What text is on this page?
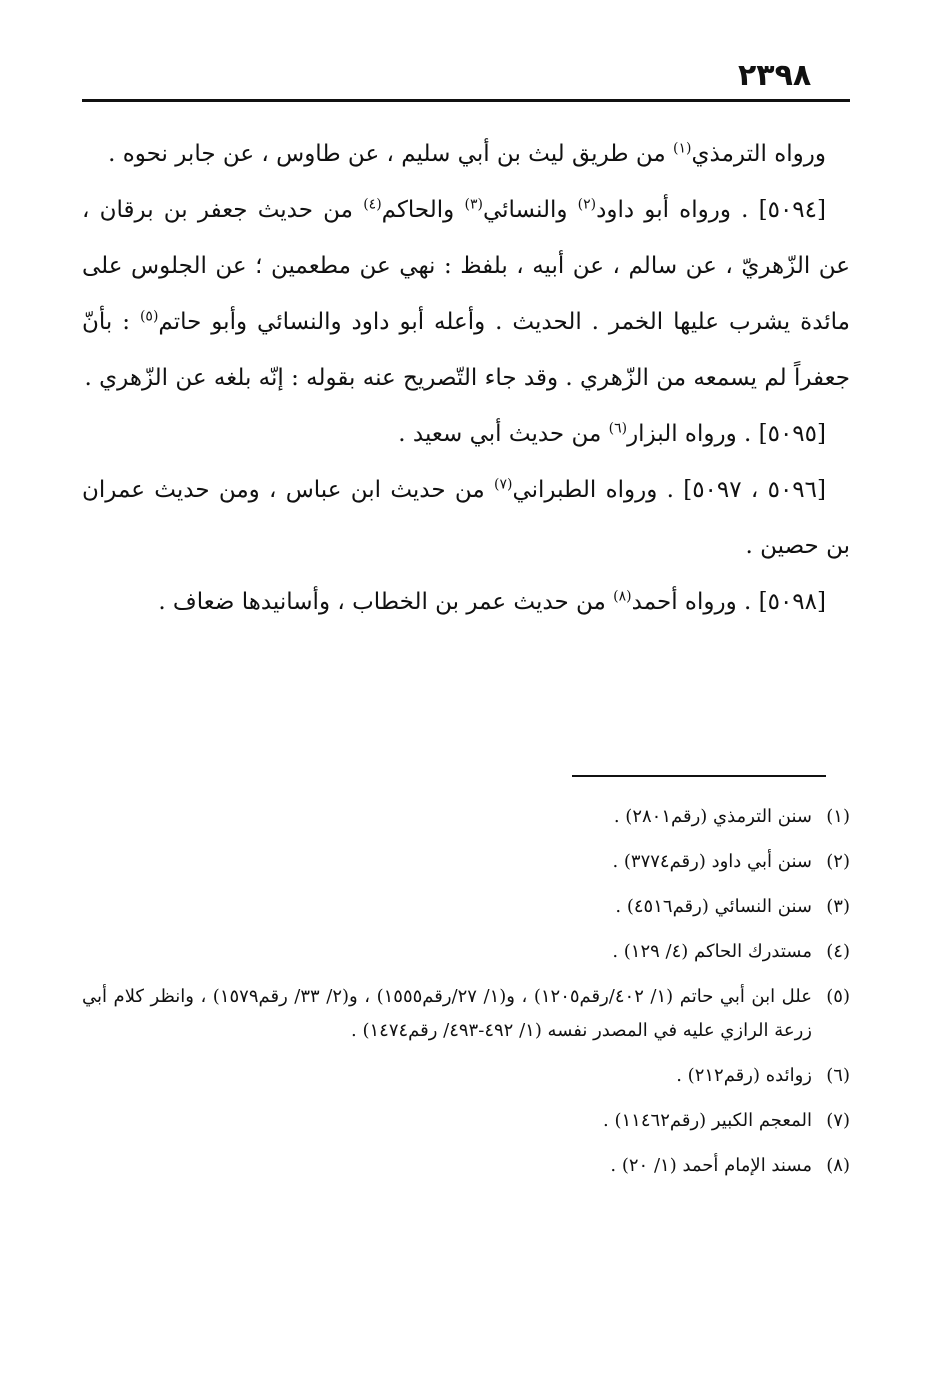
٢٣٩٨

ورواه الترمذي$^{(١)}$ من طريق ليث بن أبي سليم ، عن طاوس ، عن جابر نحوه .

[٥٠٩٤] . ورواه أبو داود$^{(٢)}$ والنسائي$^{(٣)}$ والحاكم$^{(٤)}$ من حديث جعفر بن برقان ، عن الزّهريّ ، عن سالم ، عن أبيه ، بلفظ : نهي عن مطعمين ؛ عن الجلوس على مائدة يشرب عليها الخمر . الحديث . وأعله أبو داود والنسائي وأبو حاتم$^{(٥)}$ : بأنّ جعفراً لم يسمعه من الزّهري . وقد جاء التّصريح عنه بقوله : إنّه بلغه عن الزّهري .

[٥٠٩٥] . ورواه البزار$^{(٦)}$ من حديث أبي سعيد .

[٥٠٩٦ ، ٥٠٩٧] . ورواه الطبراني$^{(٧)}$ من حديث ابن عباس ، ومن حديث عمران بن حصين .

[٥٠٩٨] . ورواه أحمد$^{(٨)}$ من حديث عمر بن الخطاب ، وأسانيدها ضعاف .

(١)
سنن الترمذي (رقم٢٨٠١) .
(٢)
سنن أبي داود (رقم٣٧٧٤) .
(٣)
سنن النسائي (رقم٤٥١٦) .
(٤)
مستدرك الحاكم (٤/ ١٢٩) .
(٥)
علل ابن أبي حاتم (١/ ٤٠٢/رقم١٢٠٥) ، و(١/ ٢٧/رقم١٥٥٥) ، و(٢/ ٣٣/ رقم١٥٧٩) ، وانظر كلام أبي زرعة الرازي عليه في المصدر نفسه (١/ ٤٩٢-٤٩٣/ رقم١٤٧٤) .
(٦)
زوائده (رقم٢١٢) .
(٧)
المعجم الكبير (رقم١١٤٦٢) .
(٨)
مسند الإمام أحمد (١/ ٢٠) .
